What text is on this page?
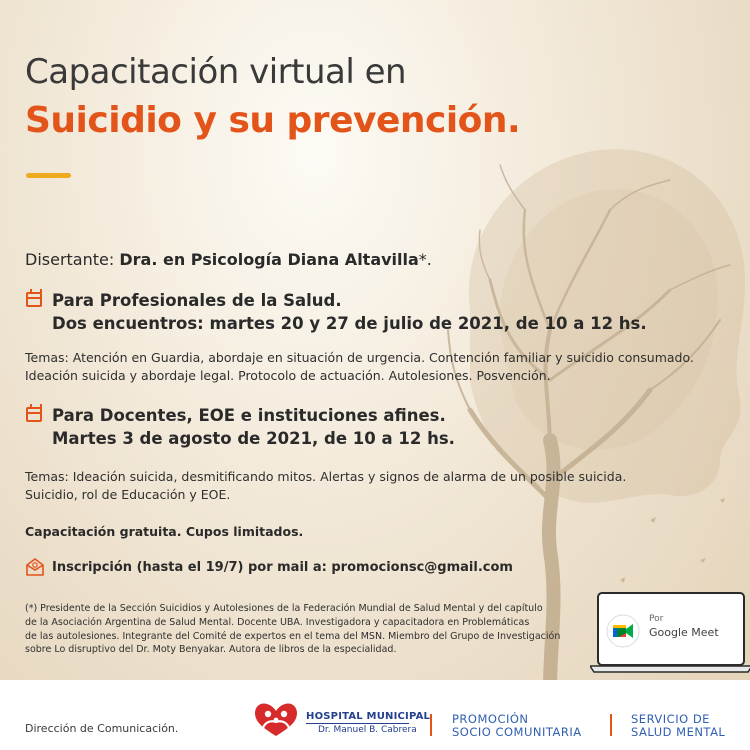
Capacitación virtual en
Suicidio y su prevención.
Disertante: Dra. en Psicología Diana Altavilla*.
Para Profesionales de la Salud.
Dos encuentros: martes 20 y 27 de julio de 2021, de 10 a 12 hs.
Temas: Atención en Guardia, abordaje en situación de urgencia. Contención familiar y suicidio consumado.
Ideación suicida y abordaje legal. Protocolo de actuación. Autolesiones. Posvención.
Para Docentes, EOE e instituciones afines.
Martes 3 de agosto de 2021, de 10 a 12 hs.
Temas: Ideación suicida, desmitificando mitos. Alertas y signos de alarma de un posible suicida.
Suicidio, rol de Educación y EOE.
Capacitación gratuita. Cupos limitados.
Inscripción (hasta el 19/7) por mail a: promocionsc@gmail.com
(*) Presidente de la Sección Suicidios y Autolesiones de la Federación Mundial de Salud Mental y del capítulo
de la Asociación Argentina de Salud Mental. Docente UBA. Investigadora y capacitadora en Problemáticas
de las autolesiones. Integrante del Comité de expertos en el tema del MSN. Miembro del Grupo de Investigación
sobre Lo disruptivo del Dr. Moty Benyakar. Autora de libros de la especialidad.
Por
Google Meet
Dirección de Comunicación.
HOSPITAL MUNICIPAL
Dr. Manuel B. Cabrera
PROMOCIÓN
SOCIO COMUNITARIA
SERVICIO DE
SALUD MENTAL
